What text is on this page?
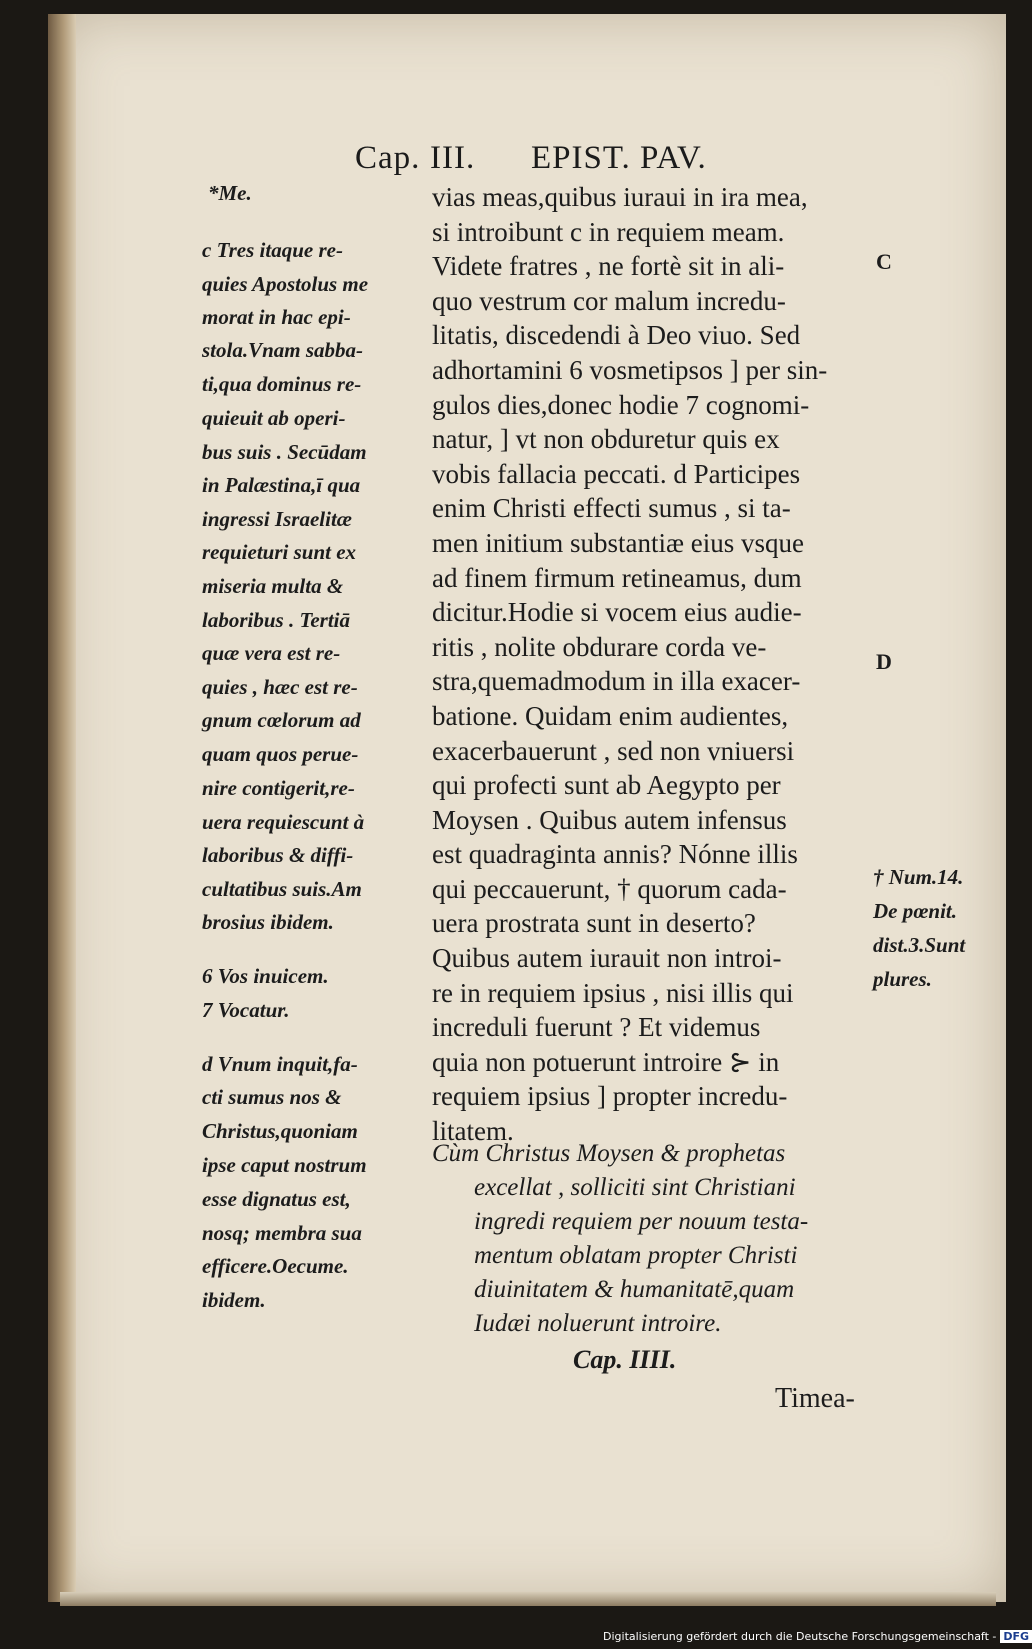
Cap. III. EPIST. PAV.
vias meas,quibus iuraui in ira mea,
si introibunt c in requiem meam.
Videte fratres , ne fortè sit in ali-
quo vestrum cor malum incredu-
litatis, discedendi à Deo viuo. Sed
adhortamini 6 vosmetipsos ] per sin-
gulos dies,donec hodie 7 cognomi-
natur, ] vt non obduretur quis ex
vobis fallacia peccati. d Participes
enim Christi effecti sumus , si ta-
men initium substantiæ eius vsque
ad finem firmum retineamus, dum
dicitur.Hodie si vocem eius audie-
ritis , nolite obdurare corda ve-
stra,quemadmodum in illa exacer-
batione. Quidam enim audientes,
exacerbauerunt , sed non vniuersi
qui profecti sunt ab Aegypto per
Moysen . Quibus autem infensus
est quadraginta annis? Nónne illis
qui peccauerunt, † quorum cada-
uera prostrata sunt in deserto?
Quibus autem iurauit non introi-
re in requiem ipsius , nisi illis qui
increduli fuerunt ? Et videmus
quia non potuerunt introire ⊱ in
requiem ipsius ] propter incredu-
litatem.
*Me.
c Tres itaque re-
quies Apostolus me
morat in hac epi-
stola.Vnam sabba-
ti,qua dominus re-
quieuit ab operi-
bus suis . Secūdam
in Palæstina,ī qua
ingressi Israelitæ
requieturi sunt ex
miseria multa &
laboribus . Tertiā
quæ vera est re-
quies , hæc est re-
gnum cœlorum ad
quam quos perue-
nire contigerit,re-
uera requiescunt à
laboribus & diffi-
cultatibus suis.Am
brosius ibidem.
6 Vos inuicem.
7 Vocatur.
d Vnum inquit,fa-
cti sumus nos &
Christus,quoniam
ipse caput nostrum
esse dignatus est,
nosq; membra sua
efficere.Oecume.
ibidem.
C
D
† Num.14.
De pœnit.
dist.3.Sunt
plures.
Cùm Christus Moysen & prophetas
excellat , solliciti sint Christiani
ingredi requiem per nouum testa-
mentum oblatam propter Christi
diuinitatem & humanitatē,quam
Iudæi noluerunt introire.
Cap. IIII.
Timea-
Digitalisierung gefördert durch die Deutsche Forschungsgemeinschaft - DFG
